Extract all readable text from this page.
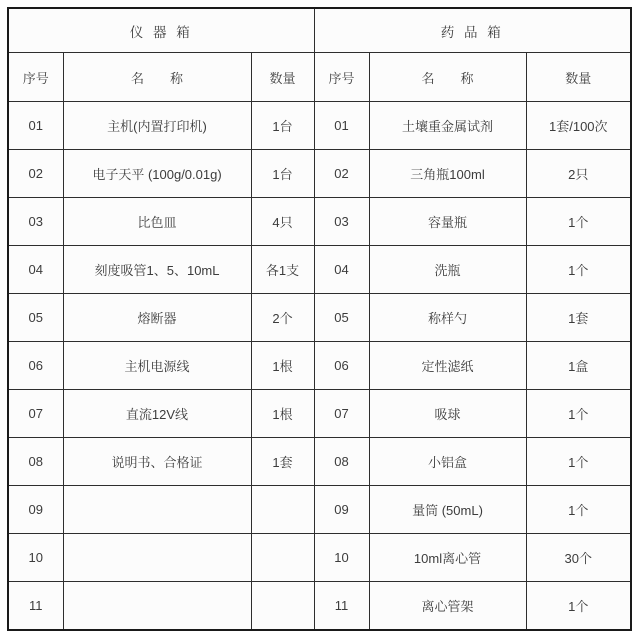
仪 器 箱			药 品 箱		
序号	名　　称	数量	序号	名　　称	数量
01	主机(内置打印机)	1台	01	土壤重金属试剂	1套/100次
02	电子天平 (100g/0.01g)	1台	02	三角瓶100ml	2只
03	比色皿	4只	03	容量瓶	1个
04	刻度吸管1、5、10mL	各1支	04	洗瓶	1个
05	熔断器	2个	05	称样勺	1套
06	主机电源线	1根	06	定性滤纸	1盒
07	直流12V线	1根	07	吸球	1个
08	说明书、合格证	1套	08	小铝盒	1个
09			09	量筒 (50mL)	1个
10			10	10ml离心管	30个
11			11	离心管架	1个
